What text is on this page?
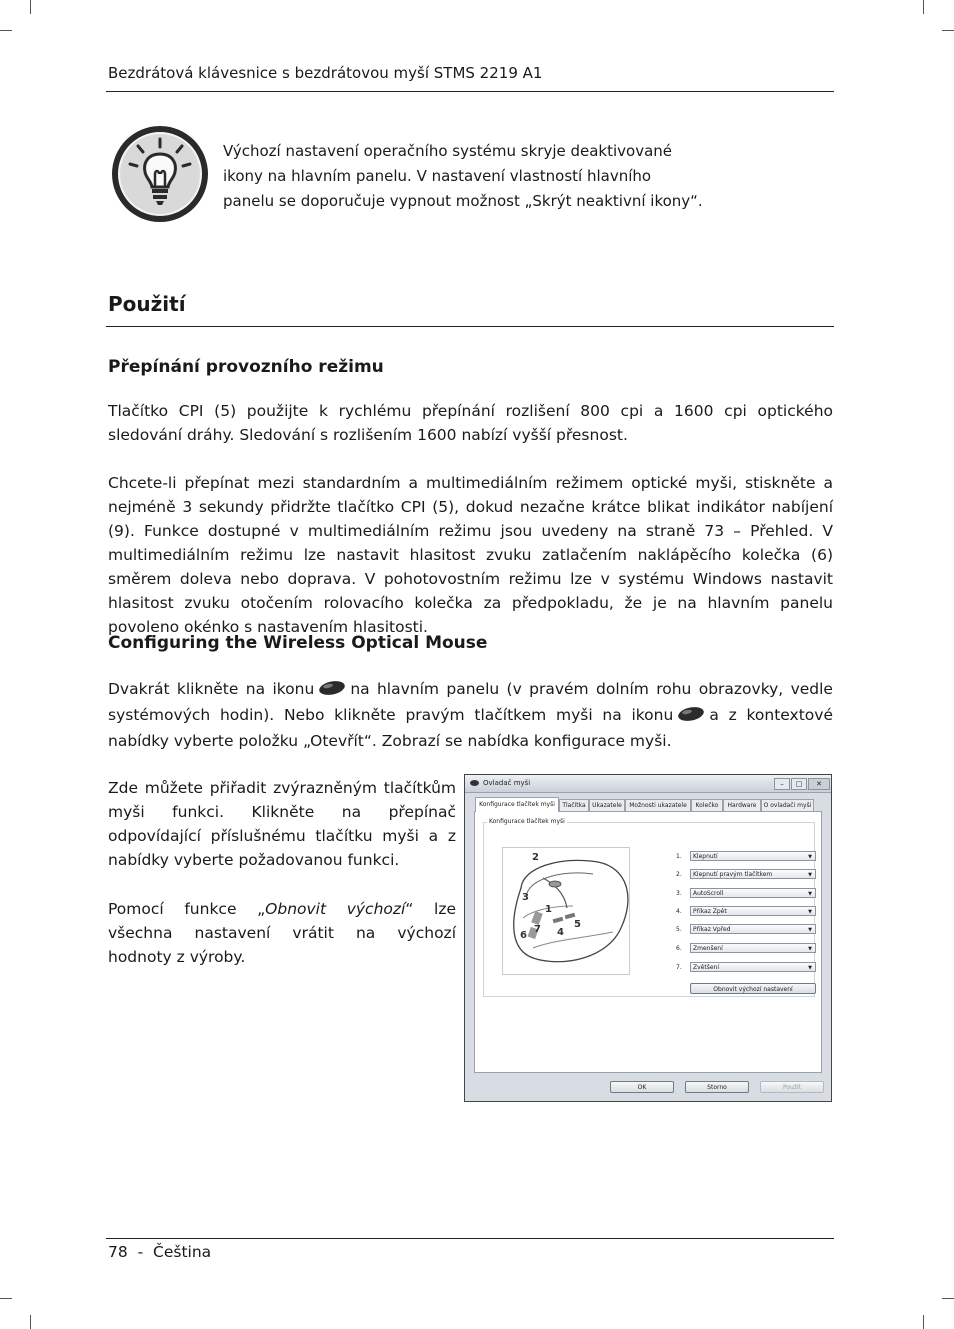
Bezdrátová klávesnice s bezdrátovou myší STMS 2219 A1
Výchozí nastavení operačního systému skryje deaktivované
ikony na hlavním panelu. V nastavení vlastností hlavního
panelu se doporučuje vypnout možnost „Skrýt neaktivní ikony“.
Použití
Přepínání provozního režimu
Tlačítko CPI (5) použijte k rychlému přepínání rozlišení 800 cpi a 1600 cpi optického sledování dráhy. Sledování s rozlišením 1600 nabízí vyšší přesnost.
Chcete-li přepínat mezi standardním a multimediálním režimem optické myši, stiskněte a nejméně 3 sekundy přidržte tlačítko CPI (5), dokud nezačne krátce blikat indikátor nabíjení (9). Funkce dostupné v multimediálním režimu jsou uvedeny na straně 73 – Přehled. V multimediálním režimu lze nastavit hlasitost zvuku zatlačením naklápěcího kolečka (6) směrem doleva nebo doprava. V pohotovostním režimu lze v systému Windows nastavit hlasitost zvuku otočením rolovacího kolečka za předpokladu, že je na hlavním panelu povoleno okénko s nastavením hlasitosti.
Configuring the Wireless Optical Mouse
Dvakrát klikněte na ikonu na hlavním panelu (v pravém dolním rohu obrazovky, vedle systémových hodin). Nebo klikněte pravým tlačítkem myši na ikonu a z kontextové nabídky vyberte položku „Otevřít“. Zobrazí se nabídka konfigurace myši.
Zde můžete přiřadit zvýrazněným tlačítkům myši funkci. Klikněte na přepínač odpovídající příslušnému tlačítku myši a z nabídky vyberte požadovanou funkci.
Pomocí funkce „Obnovit výchozí“ lze všechna nastavení vrátit na výchozí hodnoty z výroby.
Ovladač myši	–	□	✕
Konfigurace tlačítek myši	Tlačítka	Ukazatele	Možnosti ukazatele	Kolečko	Hardware	O ovladači myši
Konfigurace tlačítek myši
2
3
1
7
6	4
5
1.	Klepnutí	▼
2.	Klepnutí pravým tlačítkem	▼
3.	AutoScroll	▼
4.	Příkaz Zpět	▼
5.	Příkaz Vpřed	▼
6.	Zmenšení	▼
7.	Zvětšení	▼
Obnovit výchozí nastavení
OK	Storno	Použít
78  -  Čeština
